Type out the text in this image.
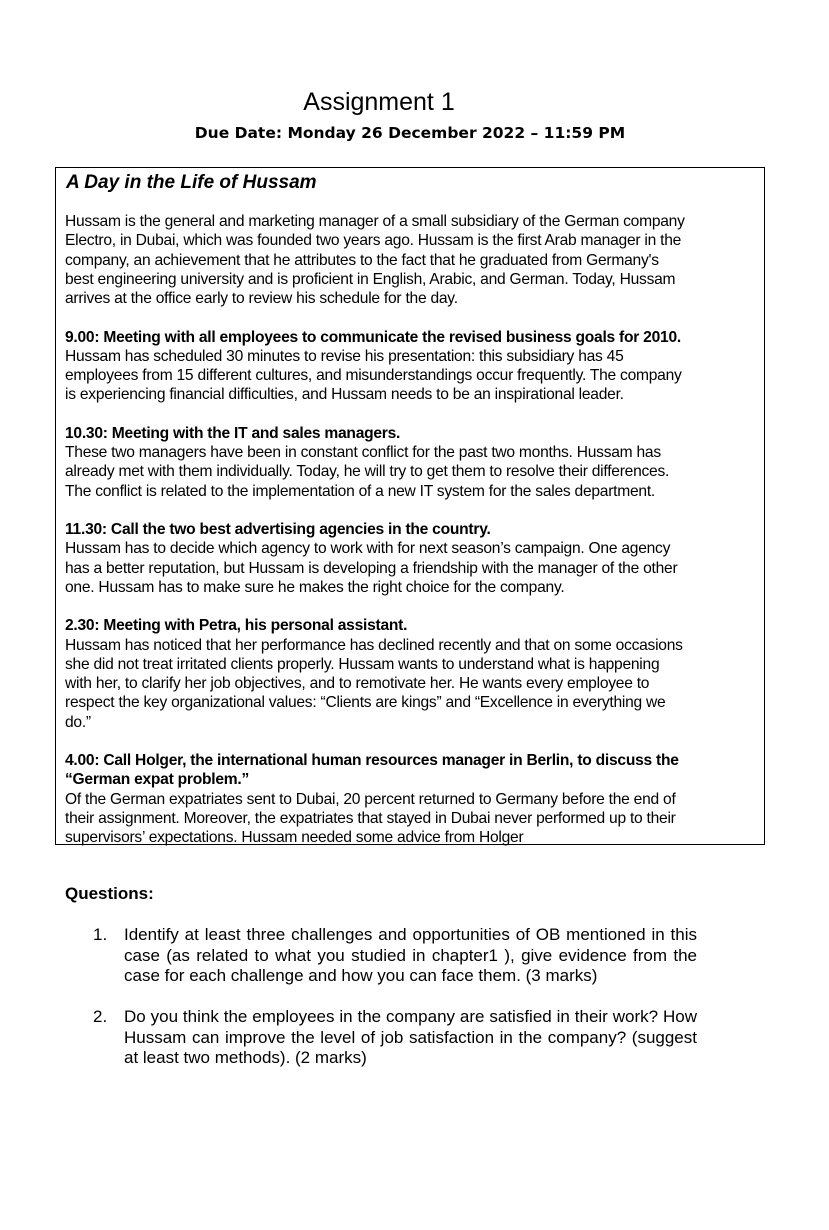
Assignment 1
Due Date: Monday 26 December 2022 – 11:59 PM
A Day in the Life of Hussam
Hussam is the general and marketing manager of a small subsidiary of the German company
Electro, in Dubai, which was founded two years ago. Hussam is the first Arab manager in the
company, an achievement that he attributes to the fact that he graduated from Germany's
best engineering university and is proficient in English, Arabic, and German. Today, Hussam
arrives at the office early to review his schedule for the day.
9.00: Meeting with all employees to communicate the revised business goals for 2010.
Hussam has scheduled 30 minutes to revise his presentation: this subsidiary has 45
employees from 15 different cultures, and misunderstandings occur frequently. The company
is experiencing financial difficulties, and Hussam needs to be an inspirational leader.
10.30: Meeting with the IT and sales managers.
These two managers have been in constant conflict for the past two months. Hussam has
already met with them individually. Today, he will try to get them to resolve their differences.
The conflict is related to the implementation of a new IT system for the sales department.
11.30: Call the two best advertising agencies in the country.
Hussam has to decide which agency to work with for next season’s campaign. One agency
has a better reputation, but Hussam is developing a friendship with the manager of the other
one. Hussam has to make sure he makes the right choice for the company.
2.30: Meeting with Petra, his personal assistant.
Hussam has noticed that her performance has declined recently and that on some occasions
she did not treat irritated clients properly. Hussam wants to understand what is happening
with her, to clarify her job objectives, and to remotivate her. He wants every employee to
respect the key organizational values: “Clients are kings” and “Excellence in everything we
do.”
4.00: Call Holger, the international human resources manager in Berlin, to discuss the
“German expat problem.”
Of the German expatriates sent to Dubai, 20 percent returned to Germany before the end of
their assignment. Moreover, the expatriates that stayed in Dubai never performed up to their
supervisors’ expectations. Hussam needed some advice from Holger
Questions:
1. Identify at least three challenges and opportunities of OB mentioned in this case (as related to what you studied in chapter1 ), give evidence from the case for each challenge and how you can face them. (3 marks)
2. Do you think the employees in the company are satisfied in their work? How Hussam can improve the level of job satisfaction in the company? (suggest at least two methods). (2 marks)
